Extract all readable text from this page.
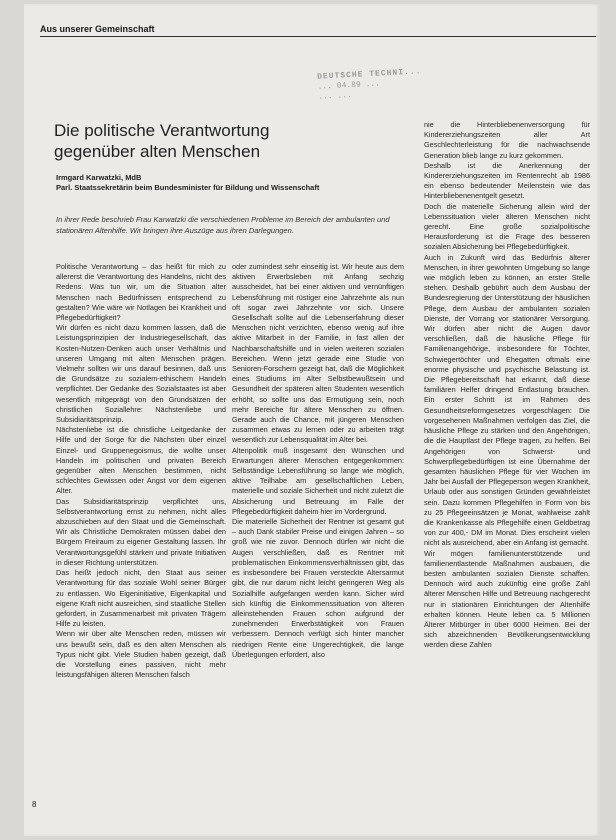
Aus unserer Gemeinschaft
DEUTSCHE TECHNI...
... 04.89 ...
... ...
Die politische Verantwortung gegenüber alten Menschen
Irmgard Karwatzki, MdB
Parl. Staatssekretärin beim Bundesminister für Bildung und Wissenschaft
In ihrer Rede beschrieb Frau Karwatzki die verschiedenen Probleme im Bereich der ambulanten und stationären Altenhilfe. Wir bringen ihre Auszüge aus ihren Darlegungen.

Politische Verantwortung – das heißt für mich zu allererst die Verantwortung des Handelns, nicht des Redens. Was tun wir, um die Situation alter Menschen nach Bedürfnissen entsprechend zu gestalten? Wie wäre wir Notlagen bei Krankheit und Pflegebedürftigkeit?

Wir dürfen es nicht dazu kommen lassen, daß die Leistungsprinzipien der Industriegesellschaft, das Kosten-Nutzen-Denken auch unser Verhältnis und unseren Umgang mit alten Menschen prägen. Vielmehr sollten wir uns darauf besinnen, daß uns die Grundsätze zu sozialem-ethischem Handeln verpflichtet. Der Gedanke des Sozialstaates ist aber wesentlich mitgeprägt von den Grundsätzen der christlichen Soziallehre: Nächstenliebe und Subsidiaritätsprinzip.

Nächstenliebe ist die christliche Leitgedanke der Hilfe und der Sorge für die Nächsten über einzel Einzel- und Gruppenegoismus, die wollte unser Handeln im politischen und privaten Bereich gegenüber alten Menschen bestimmen, nicht schlechtes Gewissen oder Angst vor dem eigenen Alter.

Das Subsidiaritätsprinzip verpflichtet uns, Selbstverantwortung ernst zu nehmen, nicht alles abzuschieben auf den Staat und die Gemeinschaft. Wir als Christliche Demokraten müssen dabei den Bürgern Freiraum zu eigener Gestaltung lassen. Ihr Verantwortungsgefühl stärken und private Initiativen in dieser Richtung unterstützen.

Das heißt jedoch nicht, den Staat aus seiner Verantwortung für das soziale Wohl seiner Bürger zu entlassen. Wo Eigeninitiative, Eigenkapital und eigene Kraft nicht ausreichen, sind staatliche Stellen gefordert, in Zusammenarbeit mit privaten Trägern Hilfe zu leisten.

Wenn wir über alte Menschen reden, müssen wir uns bewußt sein, daß es den alten Menschen als Typus nicht gibt. Viele Studien haben gezeigt, daß die Vorstellung eines passiven, nicht mehr leistungsfähigen älteren Menschen falsch

oder zumindest sehr einseitig ist. Wir heute aus dem aktiven Erwerbsleben mit Anfang sechzig ausscheidet, hat bei einer aktiven und vernünftigen Lebensführung mit rüstiger eine Jahrzehnte als nun oft sogar zwei Jahrzehnte vor sich. Unsere Gesellschaft sollte auf die Lebenserfahrung dieser Menschen nicht verzichten, ebenso wenig auf ihre aktive Mitarbeit in der Familie, in fast allen der Nachbarschaftshilfe und in vielen weiteren sozialen Bereichen. Wenn jetzt gerade eine Studie von Senioren-Forschern gezeigt hat, daß die Möglichkeit eines Studiums im Alter Selbstbewußtsein und Gesundheit der späteren alten Studenten wesentlich erhöht, so sollte uns das Ermutigung sein, noch mehr Bereiche für ältere Menschen zu öffnen. Gerade auch die Chance, mit jüngeren Menschen zusammen etwas zu lernen oder zu arbeiten trägt wesentlich zur Lebensqualität im Alter bei.

Altenpolitik muß insgesamt den Wünschen und Erwartungen älterer Menschen entgegenkommen: Selbständige Lebensführung so lange wie möglich, aktive Teilhabe am gesellschaftlichen Leben, materielle und soziale Sicherheit und nicht zuletzt die Absicherung und Betreuung im Falle der Pflegebedürftigkeit daheim hier im Vordergrund.

Die materielle Sicherheit der Rentner ist gesamt gut – auch Dank stabiler Preise und einigen Jahren – so groß wie nie zuvor. Dennoch dürfen wir nicht die Augen verschließen, daß es Rentner mit problematischen Einkommensverhältnissen gibt, das es insbesondere bei Frauen versteckte Altersarmut gibt, die nur darum nicht leicht geringeren Weg als Sozialhilfe aufgefangen werden kann. Sicher wird sich künftig die Einkommenssituation von älteren alleinstehenden Frauen schon aufgrund der zunehmenden Erwerbstätigkeit von Frauen verbessern. Dennoch verfügt sich hinter mancher niedrigen Rente eine Ungerechtigkeit, die lange Überlegungen erfordert, also

nie die Hinterbliebenenversorgung für Kindererziehungszeiten aller Art Geschlechterleistung für die nachwachsende Generation blieb lange zu kurz gekommen.

Deshalb ist die Anerkennung der Kindererziehungszeiten im Rentenrecht ab 1986 ein ebenso bedeutender Meilenstein wie das Hinterbliebenenentgelt gesetzt.

Doch die materielle Sicherung allein wird der Lebenssituation vieler älteren Menschen nicht gerecht. Eine große sozialpolitische Herausforderung ist die Frage des besseren sozialen Absicherung bei Pflegebedürftigkeit.

Auch in Zukunft wird das Bedürfnis älterer Menschen, in ihrer gewohnten Umgebung so lange wie möglich leben zu können, an erster Stelle stehen. Deshalb gebührt auch dem Ausbau der Bundesregierung der Unterstützung der häuslichen Pflege, dem Ausbau der ambulanten sozialen Dienste, der Vorrang vor stationärer Versorgung. Wir dürfen aber nicht die Augen davor verschließen, daß die häusliche Pflege für Familienangehörige, insbesondere für Töchter, Schwiegertöchter und Ehegatten oftmals eine enorme physische und psychische Belastung ist. Die Pflegebereitschaft hat erkannt, daß diese familiären Helfer dringend Entlastung brauchen. Ein erster Schritt ist im Rahmen des Gesundheitsreformgesetzes vorgeschlagen: Die vorgesehenen Maßnahmen verfolgen das Ziel, die häusliche Pflege zu stärken und den Angehörigen, die die Hauptlast der Pflege tragen, zu helfen. Bei Angehörigen von Schwerst- und Schwerpflegebedürftigen ist eine Übernahme der gesamten häuslichen Pflege für vier Wochen im Jahr bei Ausfall der Pflegeperson wegen Krankheit, Urlaub oder aus sonstigen Gründen gewährleistet sein. Dazu kommen Pflegehilfen in Form von bis zu 25 Pflegeeinsätzen je Monat, wahlweise zahlt die Krankenkasse als Pflegehilfe einen Geldbetrag von zur 400,- DM im Monat. Dies erscheint vielen nicht als ausreichend, aber ein Anfang ist gemacht.

Wir mögen familienunterstützende und familienentlastende Maßnahmen ausbauen, die besten ambulanten sozialen Dienste schaffen. Dennoch wird auch zukünftig eine große Zahl älterer Menschen Hilfe und Betreuung nachgerecht nur in stationären Einrichtungen der Altenhilfe erhalten können. Heute leben ca. 5 Millionen Älterer Mitbürger in über 6000 Heimen. Bei der sich abzeichnenden Bevölkerungsentwicklung werden diese Zahlen

8
